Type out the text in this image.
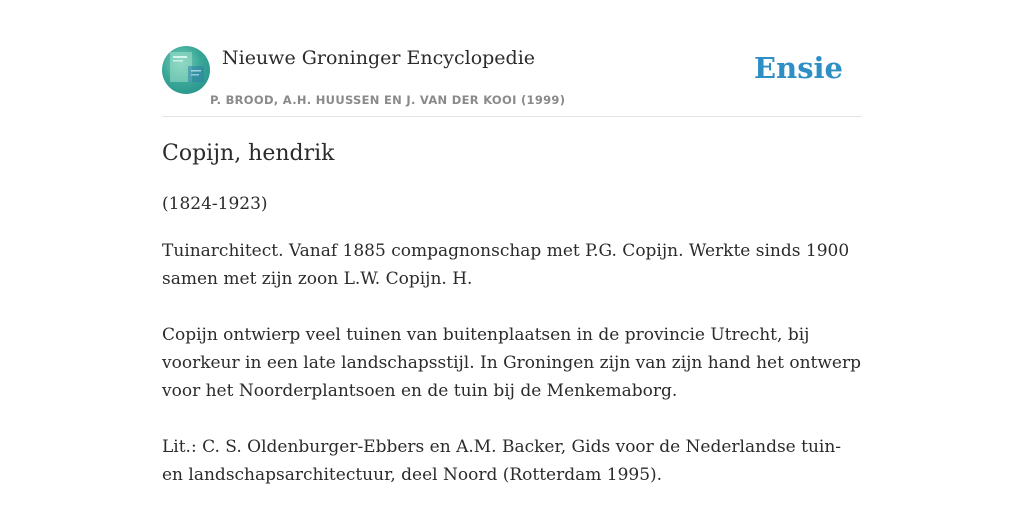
Nieuwe Groninger Encyclopedie
P. BROOD, A.H. HUUSSEN EN J. VAN DER KOOI (1999)
Ensie
Copijn, hendrik

(1824-1923)

Tuinarchitect. Vanaf 1885 compagnonschap met P.G. Copijn. Werkte sinds 1900 samen met zijn zoon L.W. Copijn. H.

Copijn ontwierp veel tuinen van buitenplaatsen in de provincie Utrecht, bij voorkeur in een late landschapsstijl. In Groningen zijn van zijn hand het ontwerp voor het Noorderplantsoen en de tuin bij de Menkemaborg.

Lit.: C. S. Oldenburger-Ebbers en A.M. Backer, Gids voor de Nederlandse tuin- en landschapsarchitectuur, deel Noord (Rotterdam 1995).
